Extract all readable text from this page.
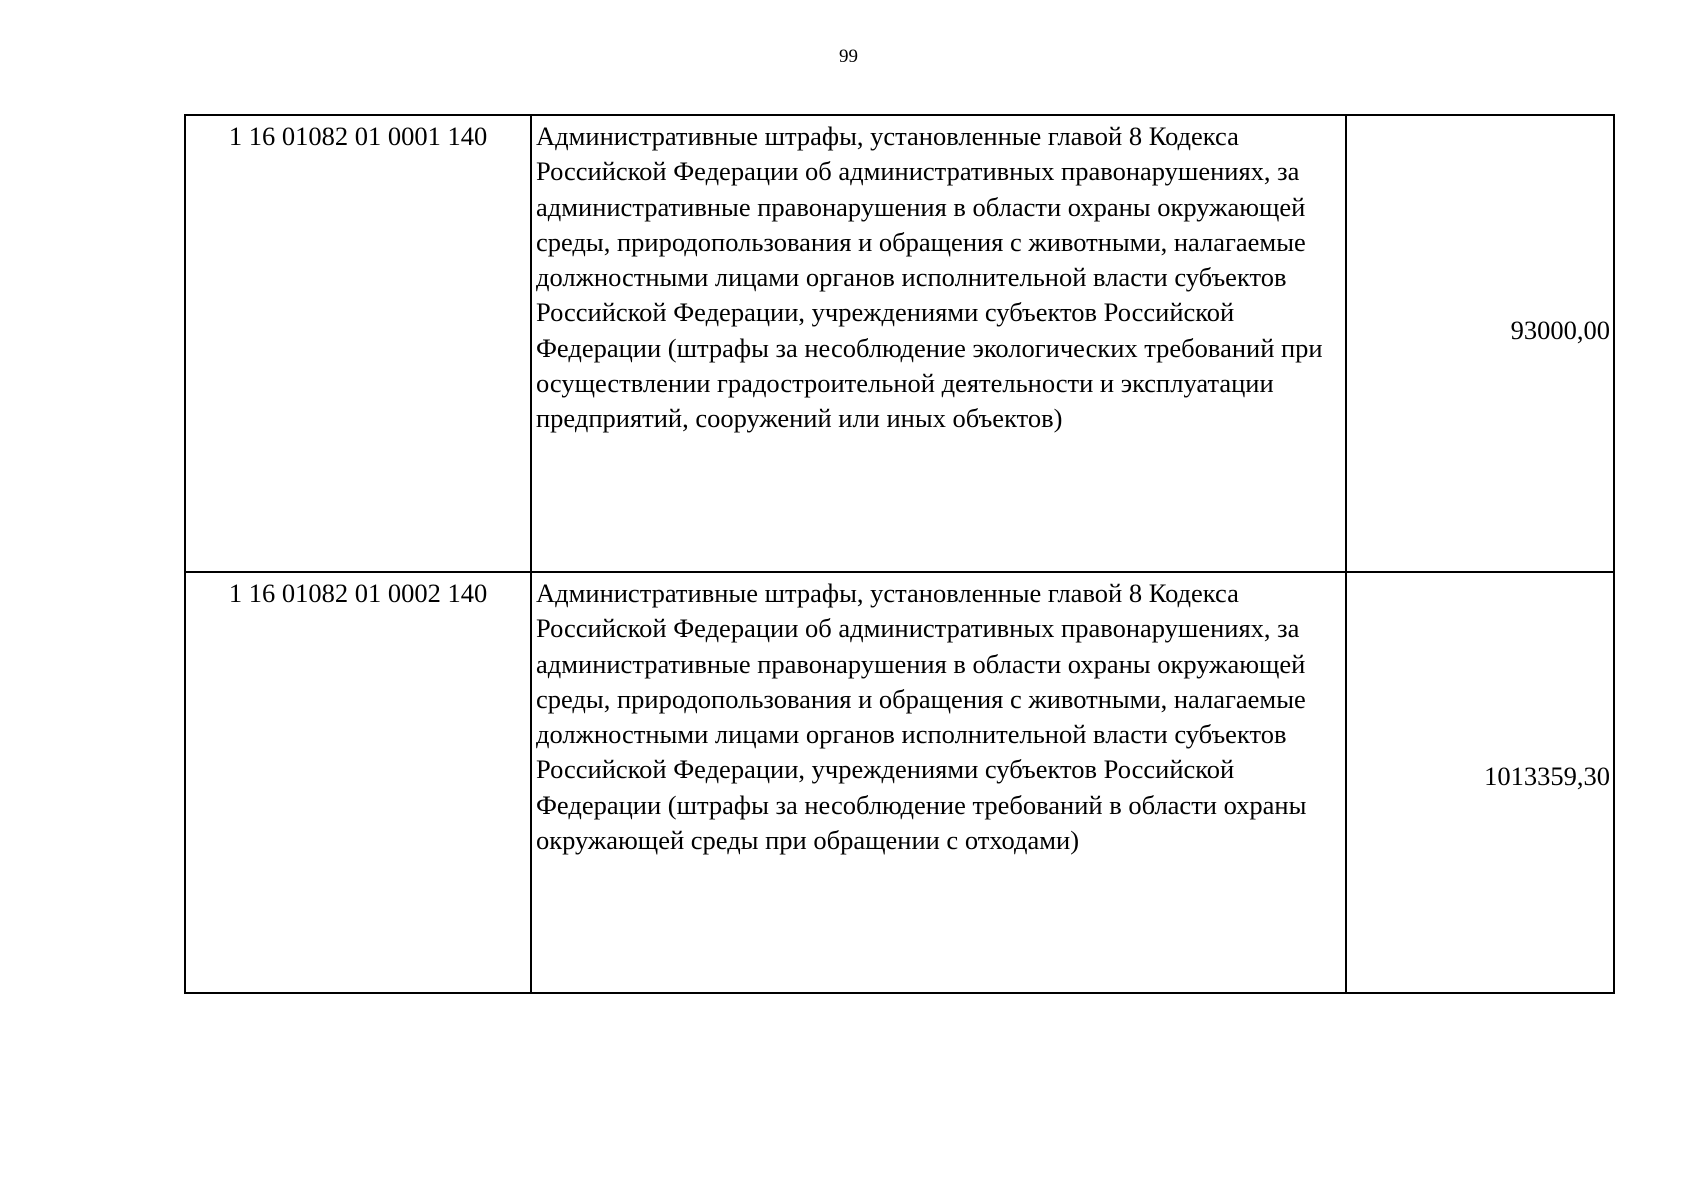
99
1 16 01082 01 0001 140	Административные штрафы, установленные главой 8 Кодекса Российской Федерации об административных правонарушениях, за административные правонарушения в области охраны окружающей среды, природопользования и обращения с животными, налагаемые должностными лицами органов исполнительной власти субъектов Российской Федерации, учреждениями субъектов Российской Федерации (штрафы за несоблюдение экологических требований при осуществлении градостроительной деятельности и эксплуатации предприятий, сооружений или иных объектов)	93000,00
1 16 01082 01 0002 140	Административные штрафы, установленные главой 8 Кодекса Российской Федерации об административных правонарушениях, за административные правонарушения в области охраны окружающей среды, природопользования и обращения с животными, налагаемые должностными лицами органов исполнительной власти субъектов Российской Федерации, учреждениями субъектов Российской Федерации (штрафы за несоблюдение требований в области охраны окружающей среды при обращении с отходами)	1013359,30
